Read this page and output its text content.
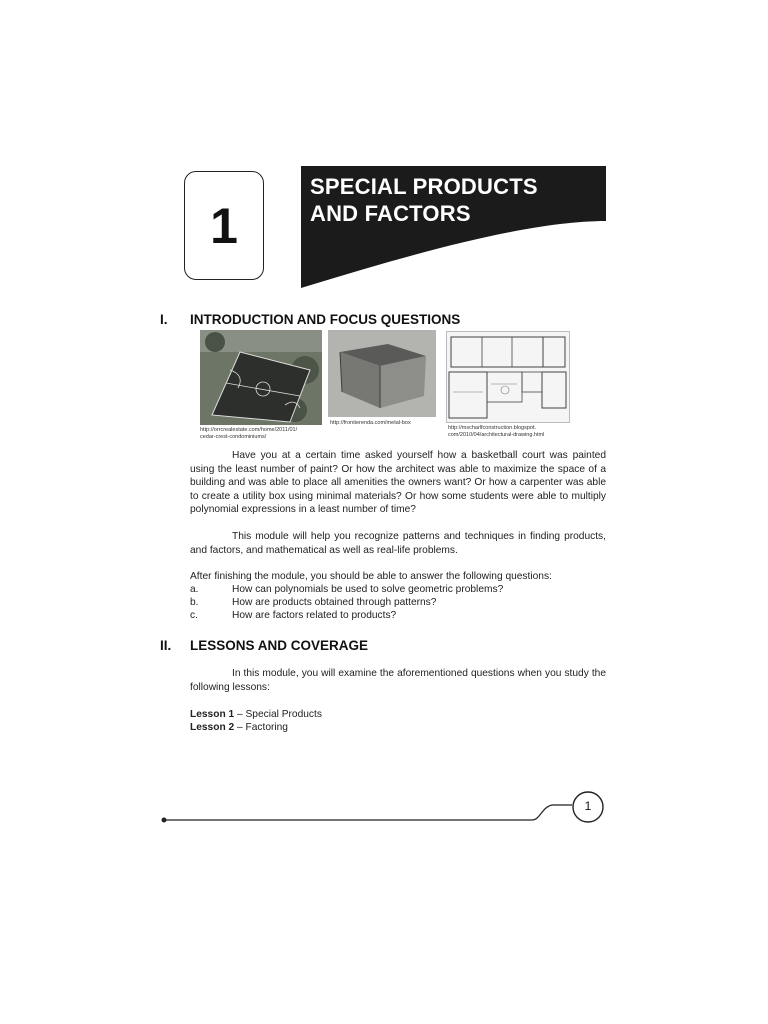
1
SPECIAL PRODUCTS
AND FACTORS
I. INTRODUCTION AND FOCUS QUESTIONS
http://orrcrealestate.com/home/2011/01/
cedar-crest-condominiums/
http://frontierenda.com/metal-box
http://mscharlfconstruction.blogspot.
com/2010/04/architectural-drawing.html
Have you at a certain time asked yourself how a basketball court was painted using the least number of paint? Or how the architect was able to maximize the space of a building and was able to place all amenities the owners want? Or how a carpenter was able to create a utility box using minimal materials? Or how some students were able to multiply polynomial expressions in a least number of time?
This module will help you recognize patterns and techniques in finding products, and factors, and mathematical as well as real-life problems.
After finishing the module, you should be able to answer the following questions:
a.	How can polynomials be used to solve geometric problems?
b.	How are products obtained through patterns?
c.	How are factors related to products?
II. LESSONS AND COVERAGE
In this module, you will examine the aforementioned questions when you study the following lessons:
Lesson 1 – Special Products
Lesson 2 – Factoring
1
